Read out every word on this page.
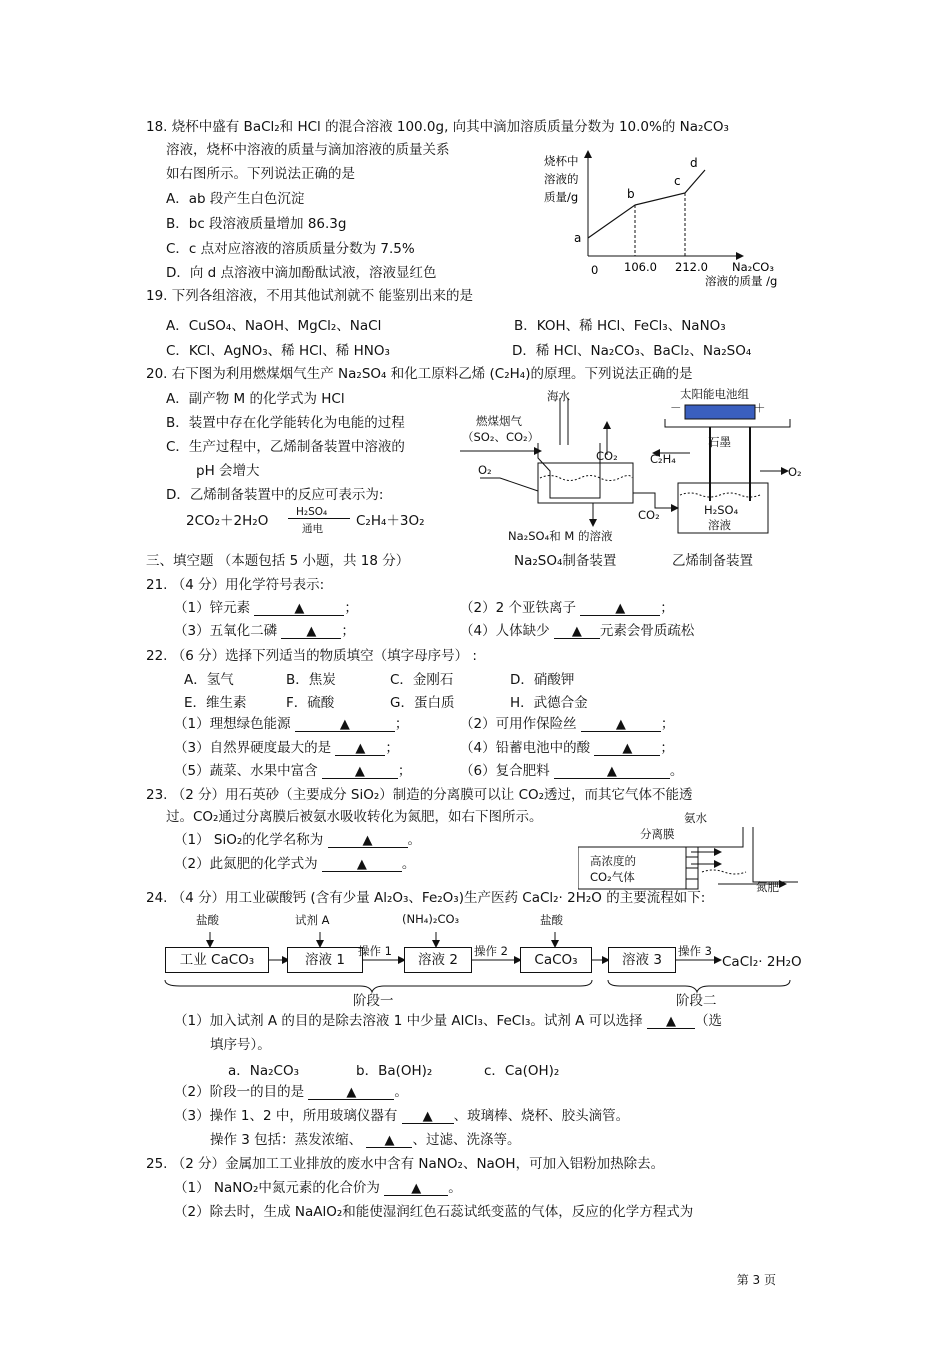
18. 烧杯中盛有 BaCl₂和 HCl 的混合溶液 100.0g, 向其中滴加溶质质量分数为 10.0%的 Na₂CO₃
溶液，烧杯中溶液的质量与滴加溶液的质量关系
如右图所示。下列说法正确的是
A．ab 段产生白色沉淀
B．bc 段溶液质量增加 86.3g
C．c 点对应溶液的溶质质量分数为 7.5%
D．向 d 点溶液中滴加酚酞试液，溶液显红色
烧杯中
溶液的
质量/g
0 106.0 212.0 Na₂CO₃
溶液的质量 /g
a
b
c
d
19. 下列各组溶液，不用其他试剂就不 能鉴别出来的是
A．CuSO₄、NaOH、MgCl₂、NaCl	B．KOH、稀 HCl、FeCl₃、NaNO₃
C．KCl、AgNO₃、稀 HCl、稀 HNO₃	D．稀 HCl、Na₂CO₃、BaCl₂、Na₂SO₄
20. 右下图为利用燃煤烟气生产 Na₂SO₄ 和化工原料乙烯 (C₂H₄)的原理。下列说法正确的是
A．副产物 M 的化学式为 HCl
B．装置中存在化学能转化为电能的过程
C．生产过程中，乙烯制备装置中溶液的
pH 会增大
D．乙烯制备装置中的反应可表示为:
2CO₂＋2H₂O
H₂SO₄
通电 C₂H₄＋3O₂
海水
燃煤烟气
（SO₂、CO₂）
O₂
CO₂
Na₂SO₄和 M 的溶液
CO₂
太阳能电池组
－	＋
石墨
C₂H₄
O₂
H₂SO₄
溶液
Na₂SO₄制备装置	乙烯制备装置
三、填空题 （本题包括 5 小题，共 18 分）
21. （4 分）用化学符号表示:
（1）锌元素	▲	；	（2）2 个亚铁离子	▲	；
（3）五氧化二磷 ▲ ；	（4）人体缺少 ▲ 元素会骨质疏松
22. （6 分）选择下列适当的物质填空（填字母序号） :
A．氢气	B．焦炭	C．金刚石	D．硝酸钾
E．维生素	F．硫酸	G．蛋白质	H．武德合金
（1）理想绿色能源	▲	；	（2）可用作保险丝	▲	；
（3）自然界硬度最大的是 ▲ ；	（4）铅蓄电池中的酸 ▲ ；
（5）蔬菜、水果中富含	▲ ；	（6）复合肥料	▲	。
23. （2 分）用石英砂（主要成分 SiO₂）制造的分离膜可以让 CO₂透过，而其它气体不能透
过。CO₂通过分离膜后被氨水吸收转化为氮肥，如右下图所示。
（1） SiO₂的化学名称为	▲	。
（2）此氮肥的化学式为	▲	。
分离膜
氨水
高浓度的
CO₂气体
氮肥
24. （4 分）用工业碳酸钙 (含有少量 Al₂O₃、Fe₂O₃)生产医药 CaCl₂· 2H₂O 的主要流程如下:
盐酸	试剂 A	(NH₄)₂CO₃	盐酸
工业 CaCO₃	溶液 1	溶液 2	CaCO₃	溶液 3
操作 1	操作 2	操作 3
CaCl₂· 2H₂O
阶段一	阶段二
（1）加入试剂 A 的目的是除去溶液 1 中少量 AlCl₃、FeCl₃。试剂 A 可以选择 ▲ （选
填序号）。
a．Na₂CO₃	b．Ba(OH)₂	c．Ca(OH)₂
（2）阶段一的目的是	▲	。
（3）操作 1、2 中，所用玻璃仪器有 ▲ 、玻璃棒、烧杯、胶头滴管。
操作 3 包括：蒸发浓缩、 ▲ 、过滤、洗涤等。
25. （2 分）金属加工工业排放的废水中含有 NaNO₂、NaOH，可加入铝粉加热除去。
（1） NaNO₂中氮元素的化合价为 ▲ 。
（2）除去时，生成 NaAlO₂和能使湿润红色石蕊试纸变蓝的气体，反应的化学方程式为
第 3 页
